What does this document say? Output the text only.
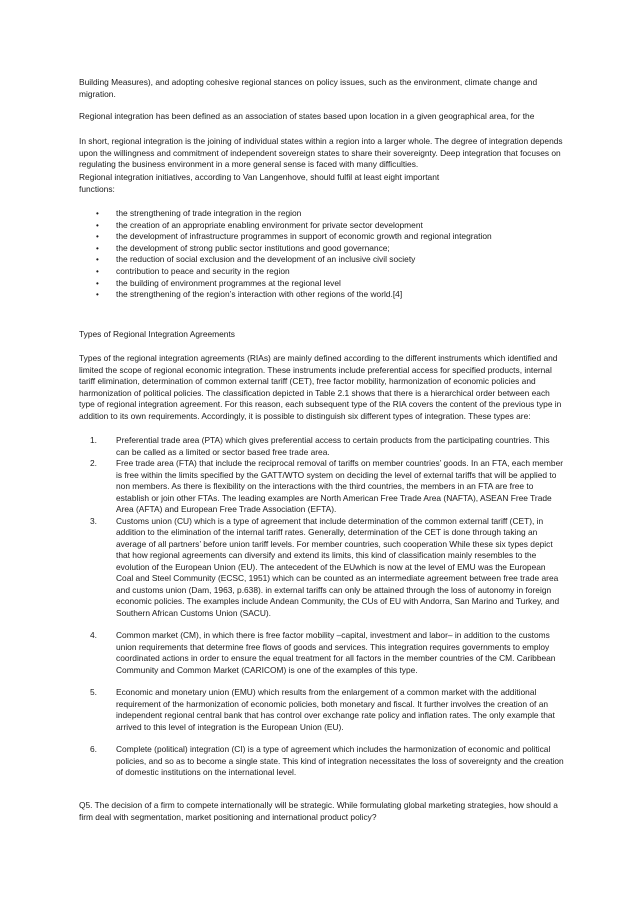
Building Measures), and adopting cohesive regional stances on policy issues, such as the environment, climate change and migration.

Regional integration has been defined as an association of states based upon location in a given geographical area, for the

In short, regional integration is the joining of individual states within a region into a larger whole. The degree of integration depends upon the willingness and commitment of independent sovereign states to share their sovereignty. Deep integration that focuses on regulating the business environment in a more general sense is faced with many difficulties.

Regional integration initiatives, according to Van Langenhove, should fulfil at least eight important

functions:

• the strengthening of trade integration in the region
• the creation of an appropriate enabling environment for private sector development
• the development of infrastructure programmes in support of economic growth and regional integration
• the development of strong public sector institutions and good governance;
• the reduction of social exclusion and the development of an inclusive civil society
• contribution to peace and security in the region
• the building of environment programmes at the regional level
• the strengthening of the region’s interaction with other regions of the world.[4]

Types of Regional Integration Agreements

Types of the regional integration agreements (RIAs) are mainly defined according to the different instruments which identified and limited the scope of regional economic integration. These instruments include preferential access for specified products, internal tariff elimination, determination of common external tariff (CET), free factor mobility, harmonization of economic policies and harmonization of political policies. The classification depicted in Table 2.1 shows that there is a hierarchical order between each type of regional integration agreement. For this reason, each subsequent type of the RIA covers the content of the previous type in addition to its own requirements. Accordingly, it is possible to distinguish six different types of integration. These types are:

1. Preferential trade area (PTA) which gives preferential access to certain products from the participating countries. This can be called as a limited or sector based free trade area.
2. Free trade area (FTA) that include the reciprocal removal of tariffs on member countries’ goods. In an FTA, each member is free within the limits specified by the GATT/WTO system on deciding the level of external tariffs that will be applied to non members. As there is flexibility on the interactions with the third countries, the members in an FTA are free to establish or join other FTAs. The leading examples are North American Free Trade Area (NAFTA), ASEAN Free Trade Area (AFTA) and European Free Trade Association (EFTA).
3. Customs union (CU) which is a type of agreement that include determination of the common external tariff (CET), in addition to the elimination of the internal tariff rates. Generally, determination of the CET is done through taking an average of all partners’ before union tariff levels. For member countries, such cooperation While these six types depict that how regional agreements can diversify and extend its limits, this kind of classification mainly resembles to the evolution of the European Union (EU). The antecedent of the EUwhich is now at the level of EMU was the European Coal and Steel Community (ECSC, 1951) which can be counted as an intermediate agreement between free trade area and customs union (Dam, 1963, p.638). in external tariffs can only be attained through the loss of autonomy in foreign economic policies. The examples include Andean Community, the CUs of EU with Andorra, San Marino and Turkey, and Southern African Customs Union (SACU).
4. Common market (CM), in which there is free factor mobility –capital, investment and labor– in addition to the customs union requirements that determine free flows of goods and services. This integration requires governments to employ coordinated actions in order to ensure the equal treatment for all factors in the member countries of the CM. Caribbean Community and Common Market (CARICOM) is one of the examples of this type.
5. Economic and monetary union (EMU) which results from the enlargement of a common market with the additional requirement of the harmonization of economic policies, both monetary and fiscal. It further involves the creation of an independent regional central bank that has control over exchange rate policy and inflation rates. The only example that arrived to this level of integration is the European Union (EU).
6. Complete (political) integration (CI) is a type of agreement which includes the harmonization of economic and political policies, and so as to become a single state. This kind of integration necessitates the loss of sovereignty and the creation of domestic institutions on the international level.

Q5. The decision of a firm to compete internationally will be strategic. While formulating global marketing strategies, how should a firm deal with segmentation, market positioning and international product policy?
